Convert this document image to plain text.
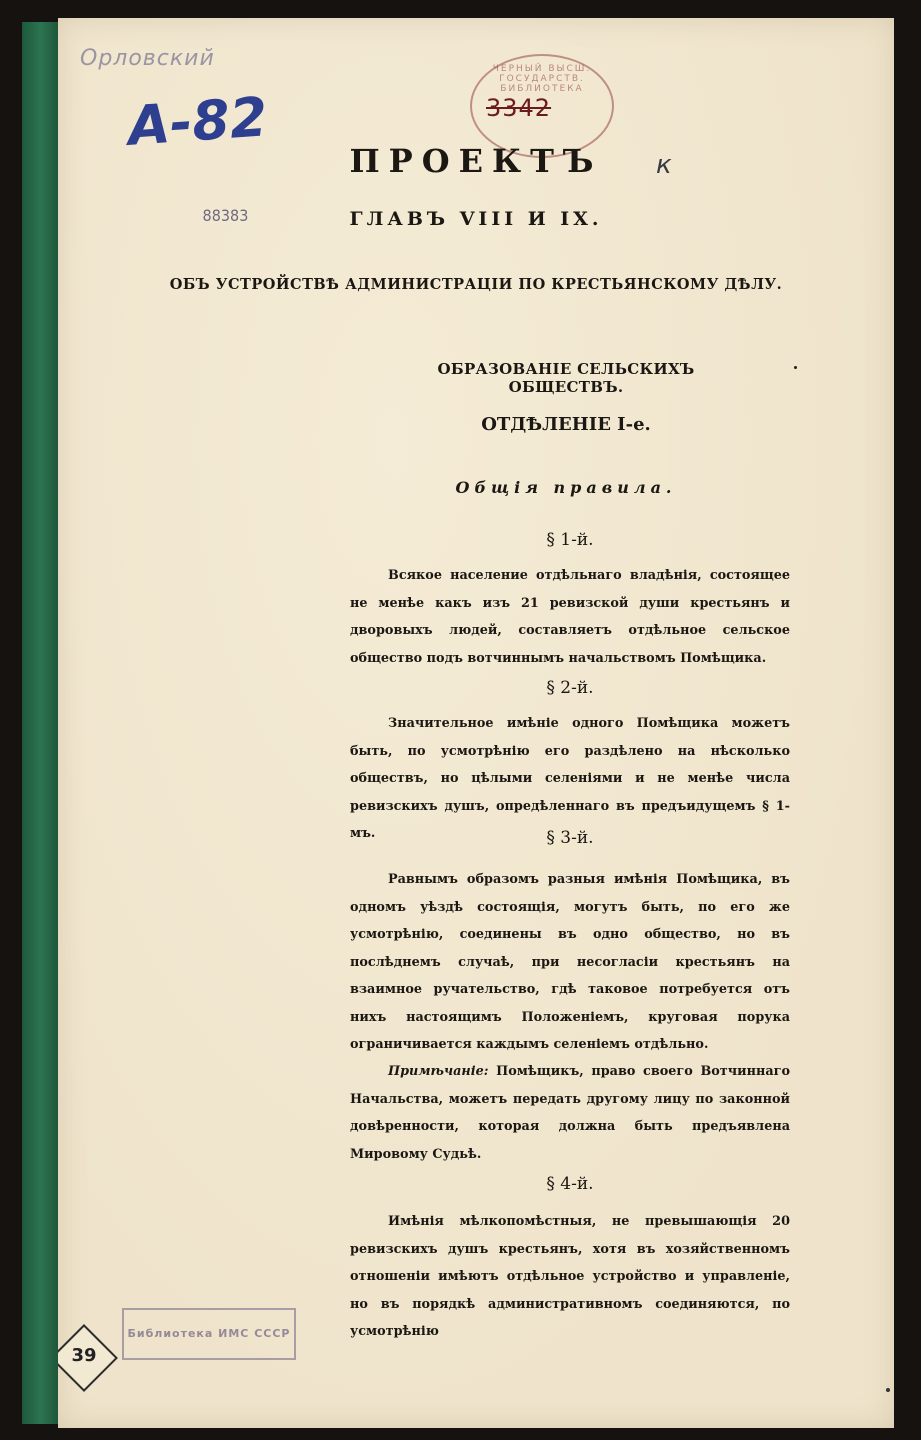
Орловский
A-82
ЧЕРНЫЙ ВЫСШ. ГОСУДАРСТВ. БИБЛИОТЕКА
3342
ПРОЕКТЪ	к
88383	ГЛАВЪ VIII И IX.
ОБЪ УСТРОЙСТВѢ АДМИНИСТРАЦІИ ПО КРЕСТЬЯНСКОМУ ДѢЛУ.
ОБРАЗОВАНІЕ СЕЛЬСКИХЪ ОБЩЕСТВЪ.
ОТДѢЛЕНІЕ I-е.
Общія правила.
§ 1-й.

Всякое население отдѣльнаго владѣнія, состоящее не менѣе какъ изъ 21 ревизской души крестьянъ и дворовыхъ людей, составляетъ отдѣльное сельское общество подъ вотчиннымъ начальствомъ Помѣщика.

§ 2-й.

Значительное имѣніе одного Помѣщика можетъ быть, по усмотрѣнію его раздѣлено на нѣсколько обществъ, но цѣлыми селеніями и не менѣе числа ревизскихъ душъ, опредѣленнаго въ предъидущемъ § 1-мъ.	§ 3-й.

Равнымъ образомъ разныя имѣнія Помѣщика, въ одномъ уѣздѣ состоящія, могутъ быть, по его же усмотрѣнію, соединены въ одно общество, но въ послѣднемъ случаѣ, при несогласіи крестьянъ на взаимное ручательство, гдѣ таковое потребуется отъ нихъ настоящимъ Положеніемъ, круговая порука ограничивается каждымъ селеніемъ отдѣльно.

Примѣчаніе: Помѣщикъ, право своего Вотчиннаго Начальства, можетъ передать другому лицу по законной довѣренности, которая должна быть предъявлена Мировому Судьѣ.

§ 4-й.

Имѣнія мѣлкопомѣстныя, не превышающія 20 ревизскихъ душъ крестьянъ, хотя въ хозяйственномъ отношеніи имѣютъ отдѣльное устройство и управленіе, но въ порядкѣ административномъ соединяются, по усмотрѣнію

Библиотека ИМС СССР
39
